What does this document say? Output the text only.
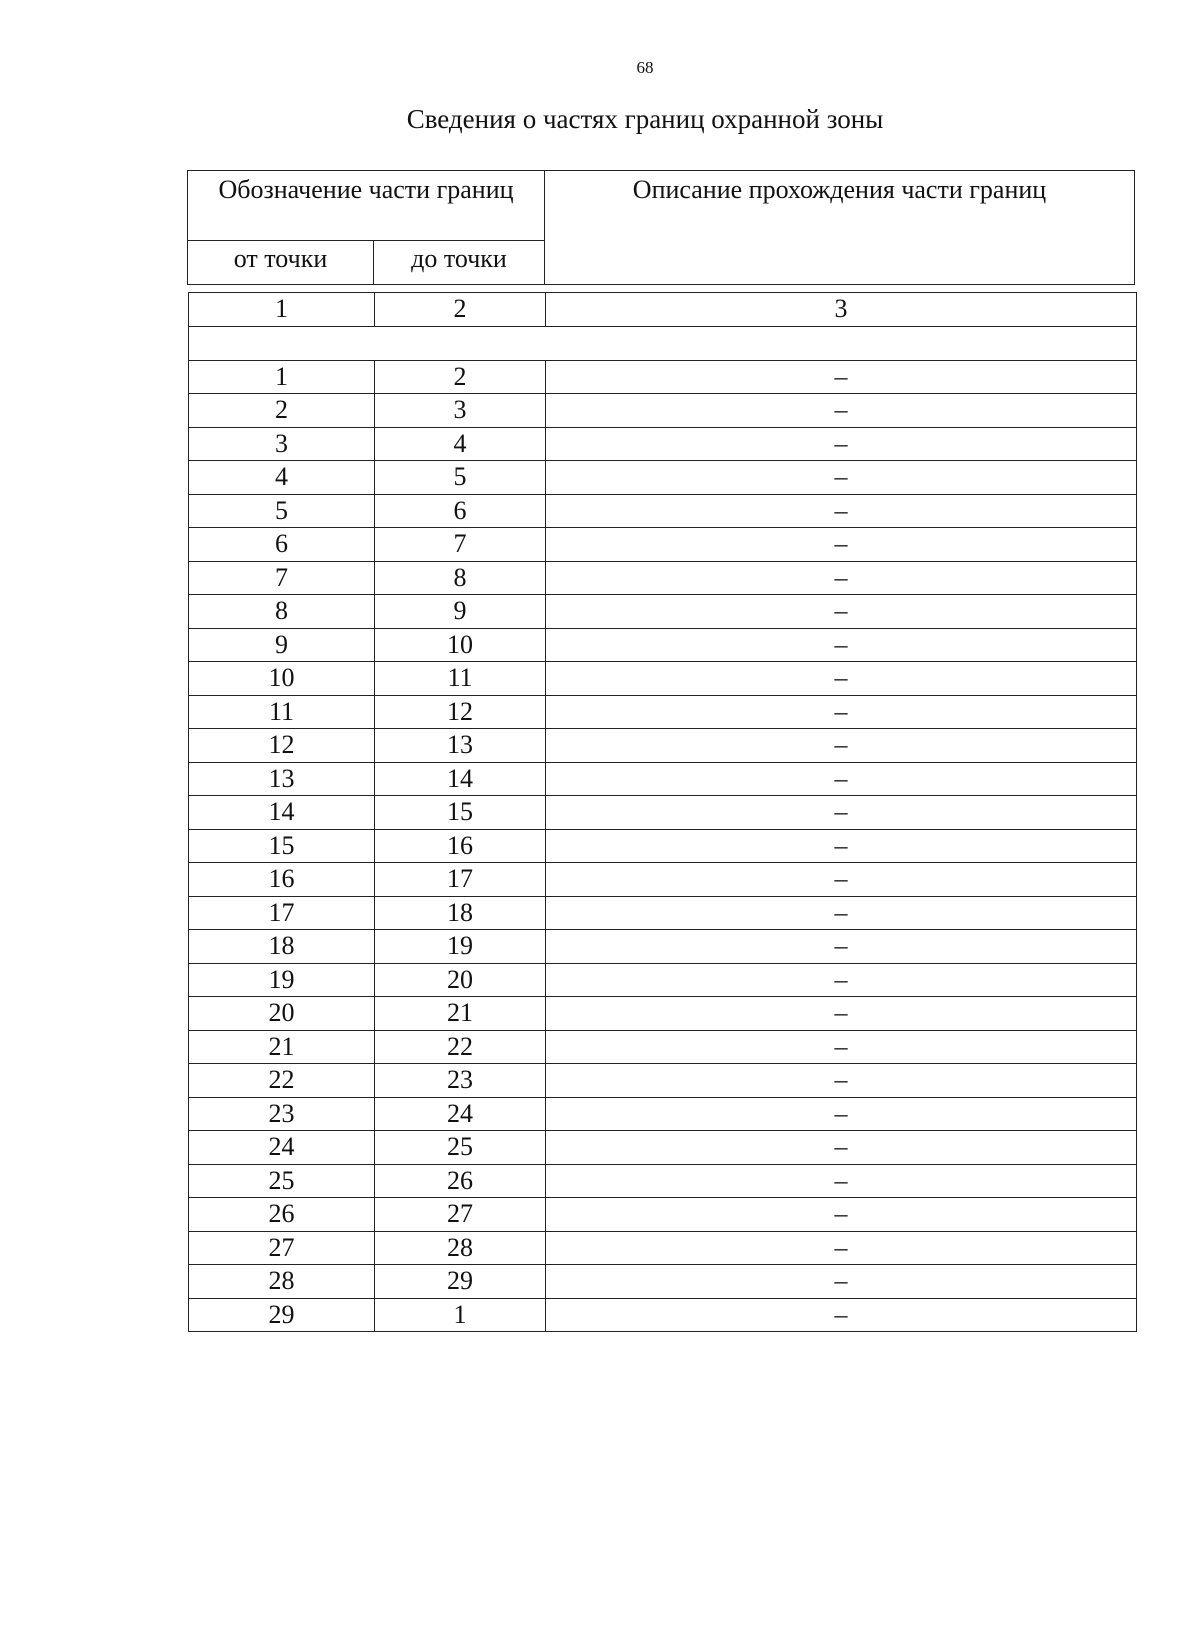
68
Сведения о частях границ охранной зоны
Обозначение части границ	Описание прохождения части границ
от точки	до точки
1	2	3

1	2	–
2	3	–
3	4	–
4	5	–
5	6	–
6	7	–
7	8	–
8	9	–
9	10	–
10	11	–
11	12	–
12	13	–
13	14	–
14	15	–
15	16	–
16	17	–
17	18	–
18	19	–
19	20	–
20	21	–
21	22	–
22	23	–
23	24	–
24	25	–
25	26	–
26	27	–
27	28	–
28	29	–
29	1	–
